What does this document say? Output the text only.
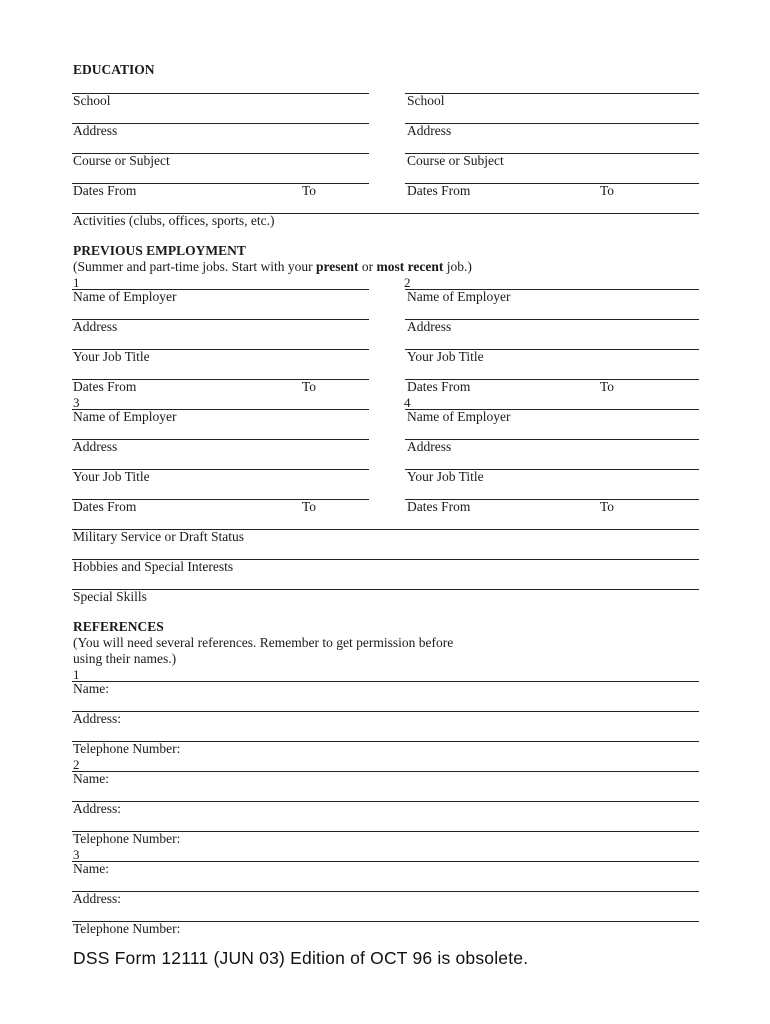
EDUCATION
School	School
Address	Address
Course or Subject	Course or Subject
Dates From	To	Dates From	To
Activities (clubs, offices, sports, etc.)
PREVIOUS EMPLOYMENT
(Summer and part-time jobs. Start with your present or most recent job.)
1	2
Name of Employer	Name of Employer
Address	Address
Your Job Title	Your Job Title
Dates From	To	Dates From	To
3	4
Name of Employer	Name of Employer
Address	Address
Your Job Title	Your Job Title
Dates From	To	Dates From	To
Military Service or Draft Status
Hobbies and Special Interests
Special Skills
REFERENCES
(You will need several references. Remember to get permission before
using their names.)
1
Name:
Address:
Telephone Number:
2
Name:
Address:
Telephone Number:
3
Name:
Address:
Telephone Number:
DSS Form 12111 (JUN 03) Edition of OCT 96 is obsolete.
